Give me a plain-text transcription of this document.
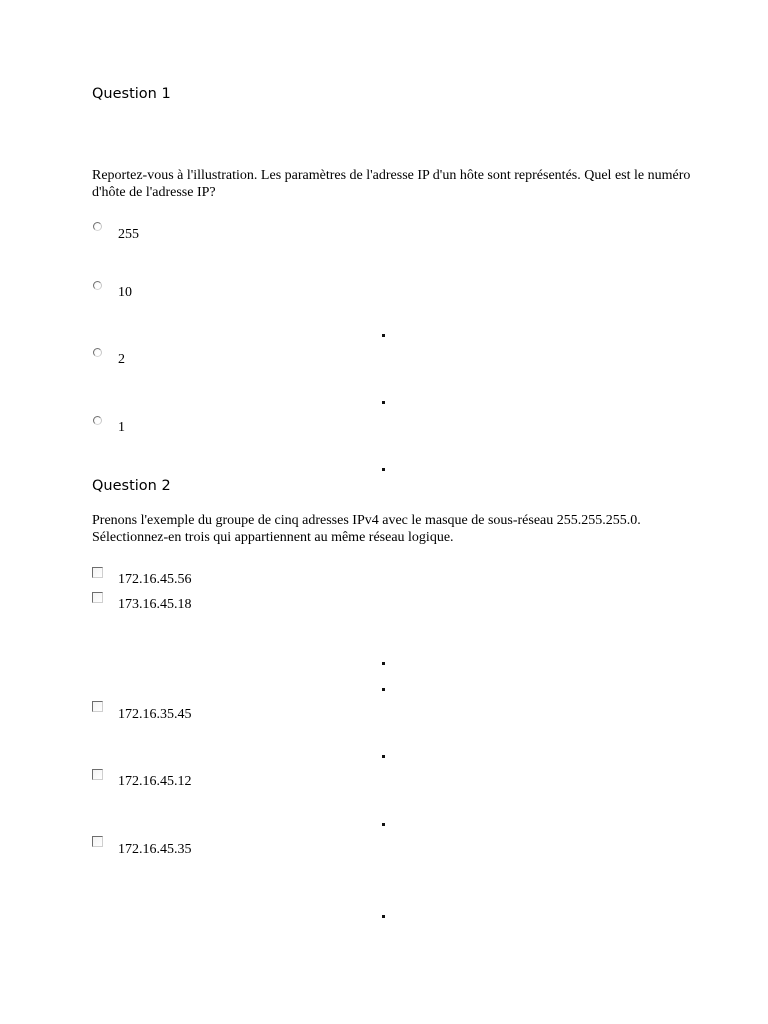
Question 1
Reportez-vous à l'illustration. Les paramètres de l'adresse IP d'un hôte sont représentés. Quel est le numéro d'hôte de l'adresse IP?
255
10
2
1
Question 2
Prenons l'exemple du groupe de cinq adresses IPv4 avec le masque de sous-réseau 255.255.255.0. Sélectionnez-en trois qui appartiennent au même réseau logique.
172.16.45.56
173.16.45.18
172.16.35.45
172.16.45.12
172.16.45.35
